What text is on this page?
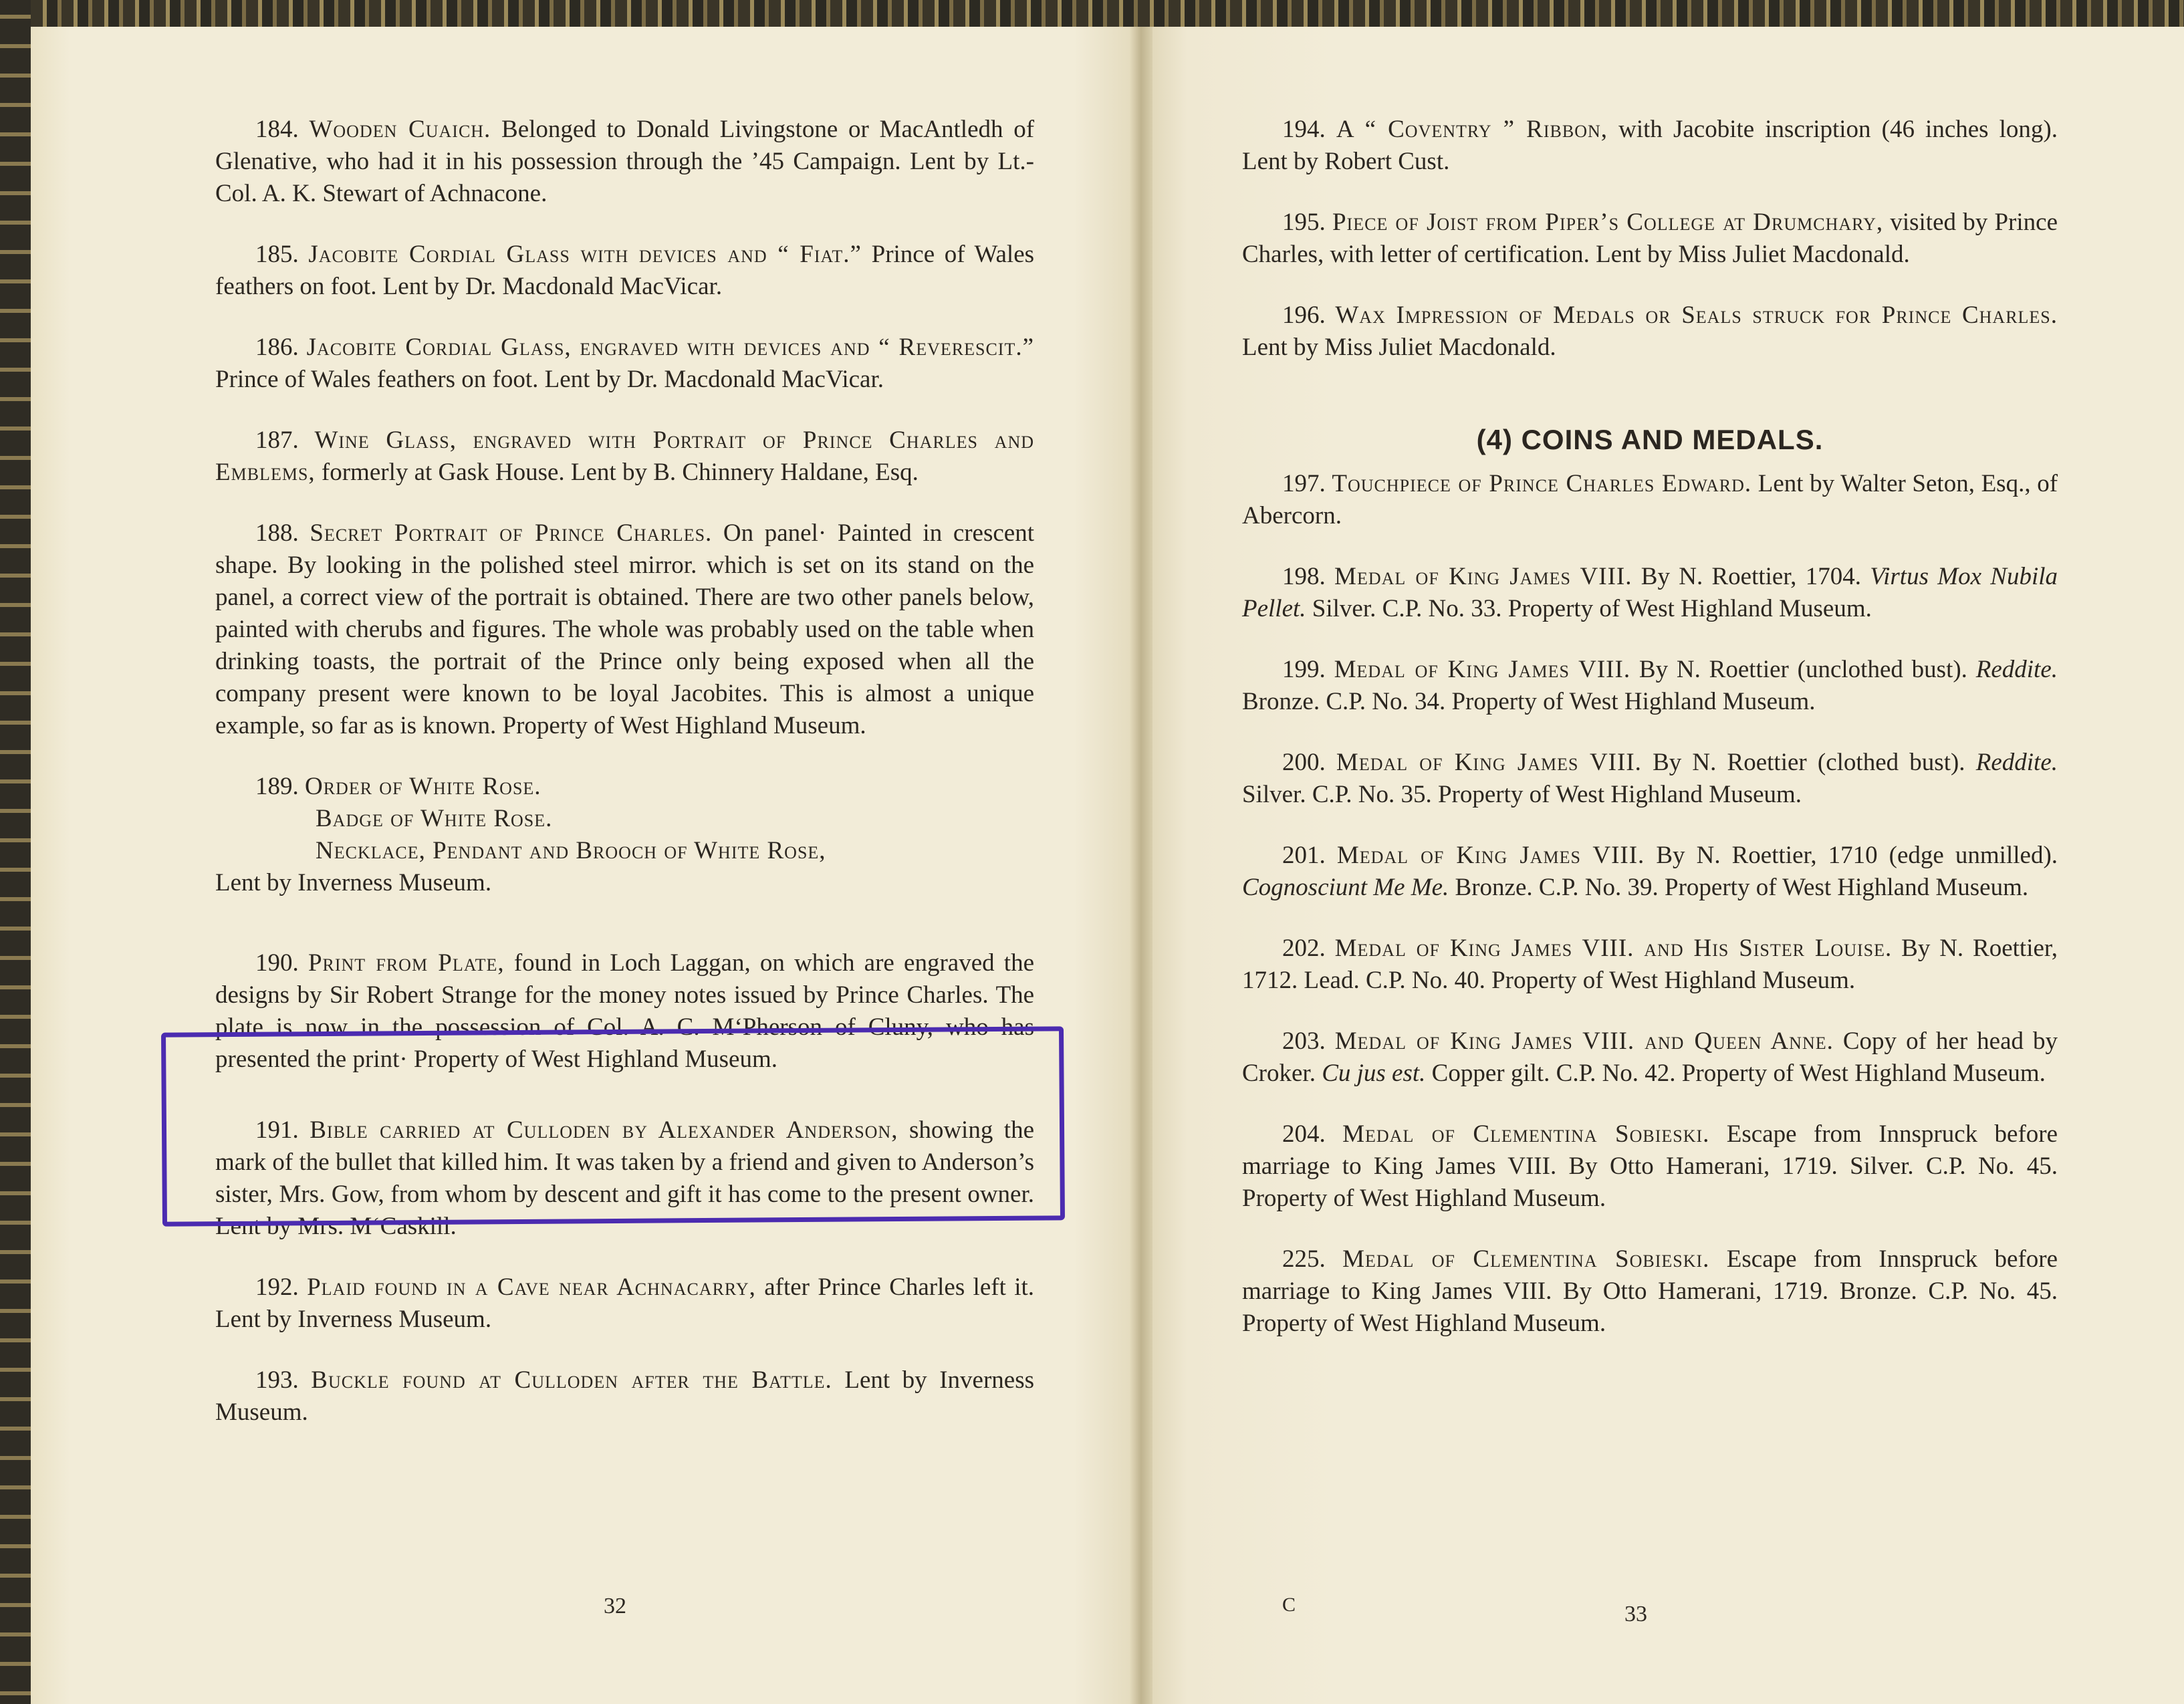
184. Wooden Cuaich. Belonged to Donald Livingstone or MacAntledh of Glenative, who had it in his possession through the ’45 Campaign. Lent by Lt.-Col. A. K. Stewart of Achnacone.

185. Jacobite Cordial Glass with devices and “ Fiat.” Prince of Wales feathers on foot. Lent by Dr. Macdonald MacVicar.

186. Jacobite Cordial Glass, engraved with devices and “ Reverescit.” Prince of Wales feathers on foot. Lent by Dr. Macdonald MacVicar.

187. Wine Glass, engraved with Portrait of Prince Charles and Emblems, formerly at Gask House. Lent by B. Chinnery Haldane, Esq.

188. Secret Portrait of Prince Charles. On panel· Painted in crescent shape. By looking in the polished steel mirror. which is set on its stand on the panel, a correct view of the portrait is obtained. There are two other panels below, painted with cherubs and figures. The whole was probably used on the table when drinking toasts, the portrait of the Prince only being exposed when all the company present were known to be loyal Jacobites. This is almost a unique example, so far as is known. Property of West Highland Museum.

189. Order of White Rose.

Badge of White Rose.

Necklace, Pendant and Brooch of White Rose,

Lent by Inverness Museum.

190. Print from Plate, found in Loch Laggan, on which are engraved the designs by Sir Robert Strange for the money notes issued by Prince Charles. The plate is now in the possession of Col. A. C. M‘Pherson of Cluny, who has presented the print· Property of West Highland Museum.

191. Bible carried at Culloden by Alexander Anderson, showing the mark of the bullet that killed him. It was taken by a friend and given to Anderson’s sister, Mrs. Gow, from whom by descent and gift it has come to the present owner. Lent by Mrs. M‘Caskill.

192. Plaid found in a Cave near Achnacarry, after Prince Charles left it. Lent by Inverness Museum.

193. Buckle found at Culloden after the Battle. Lent by Inverness Museum.

32

194. A “ Coventry ” Ribbon, with Jacobite inscription (46 inches long). Lent by Robert Cust.

195. Piece of Joist from Piper’s College at Drumchary, visited by Prince Charles, with letter of certification. Lent by Miss Juliet Macdonald.

196. Wax Impression of Medals or Seals struck for Prince Charles. Lent by Miss Juliet Macdonald.

(4) COINS AND MEDALS.

197. Touchpiece of Prince Charles Edward. Lent by Walter Seton, Esq., of Abercorn.

198. Medal of King James VIII. By N. Roettier, 1704. Virtus Mox Nubila Pellet. Silver. C.P. No. 33. Property of West Highland Museum.

199. Medal of King James VIII. By N. Roettier (unclothed bust). Reddite. Bronze. C.P. No. 34. Property of West Highland Museum.

200. Medal of King James VIII. By N. Roettier (clothed bust). Reddite. Silver. C.P. No. 35. Property of West Highland Museum.

201. Medal of King James VIII. By N. Roettier, 1710 (edge unmilled). Cognosciunt Me Me. Bronze. C.P. No. 39. Property of West Highland Museum.

202. Medal of King James VIII. and His Sister Louise. By N. Roettier, 1712. Lead. C.P. No. 40. Property of West Highland Museum.

203. Medal of King James VIII. and Queen Anne. Copy of her head by Croker. Cu jus est. Copper gilt. C.P. No. 42. Property of West Highland Museum.

204. Medal of Clementina Sobieski. Escape from Innspruck before marriage to King James VIII. By Otto Hamerani, 1719. Silver. C.P. No. 45. Property of West Highland Museum.

225. Medal of Clementina Sobieski. Escape from Innspruck before marriage to King James VIII. By Otto Hamerani, 1719. Bronze. C.P. No. 45. Property of West Highland Museum.

C	33
